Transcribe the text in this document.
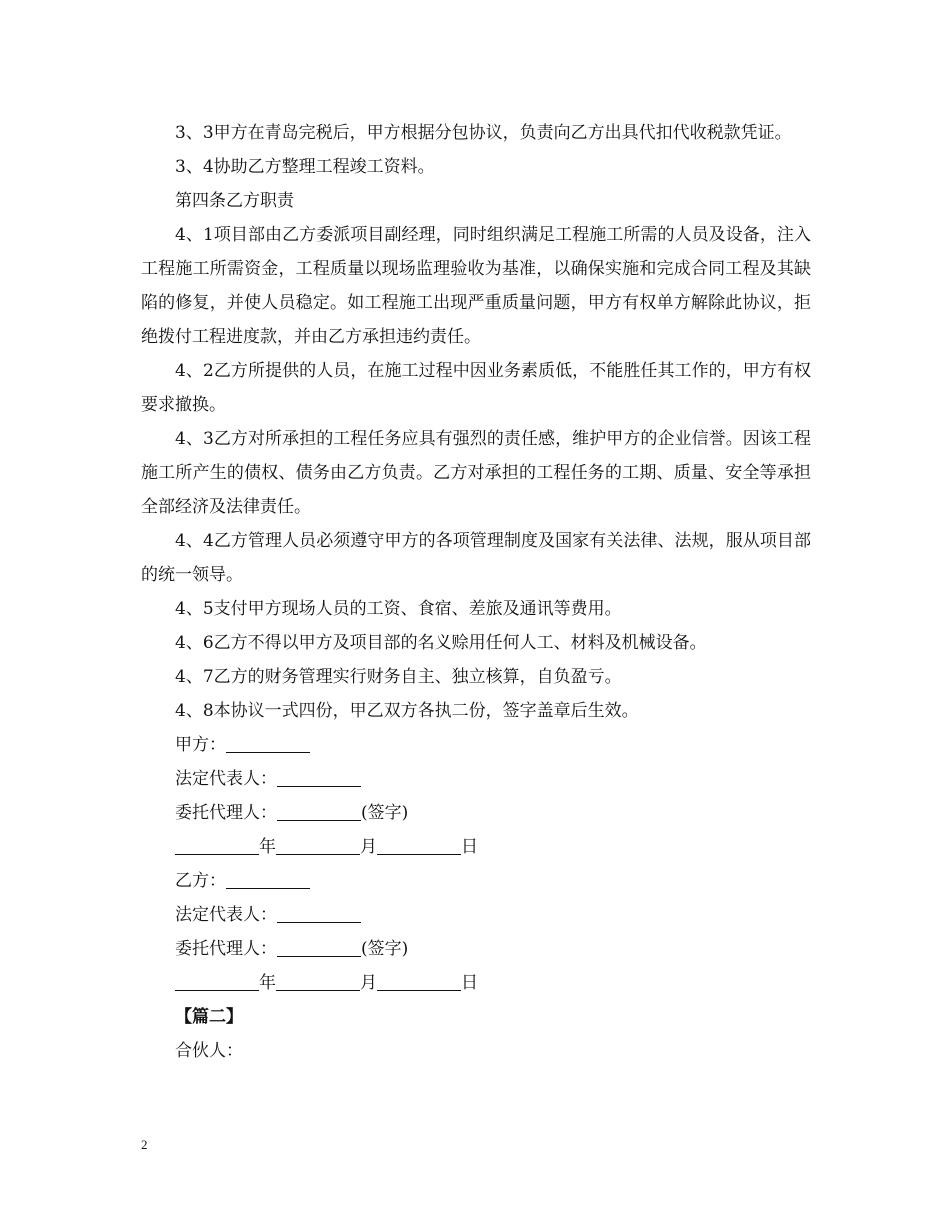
3、3甲方在青岛完税后，甲方根据分包协议，负责向乙方出具代扣代收税款凭证。

3、4协助乙方整理工程竣工资料。

第四条乙方职责

4、1项目部由乙方委派项目副经理，同时组织满足工程施工所需的人员及设备，注入工程施工所需资金，工程质量以现场监理验收为基准，以确保实施和完成合同工程及其缺陷的修复，并使人员稳定。如工程施工出现严重质量问题，甲方有权单方解除此协议，拒绝拨付工程进度款，并由乙方承担违约责任。

4、2乙方所提供的人员，在施工过程中因业务素质低，不能胜任其工作的，甲方有权要求撤换。

4、3乙方对所承担的工程任务应具有强烈的责任感，维护甲方的企业信誉。因该工程施工所产生的债权、债务由乙方负责。乙方对承担的工程任务的工期、质量、安全等承担全部经济及法律责任。

4、4乙方管理人员必须遵守甲方的各项管理制度及国家有关法律、法规，服从项目部的统一领导。

4、5支付甲方现场人员的工资、食宿、差旅及通讯等费用。

4、6乙方不得以甲方及项目部的名义赊用任何人工、材料及机械设备。

4、7乙方的财务管理实行财务自主、独立核算，自负盈亏。

4、8本协议一式四份，甲乙双方各执二份，签字盖章后生效。

甲方：

法定代表人：

委托代理人：	(签字)

年	月	日

乙方：

法定代表人：

委托代理人：	(签字)

年	月	日

【篇二】

合伙人：

2
